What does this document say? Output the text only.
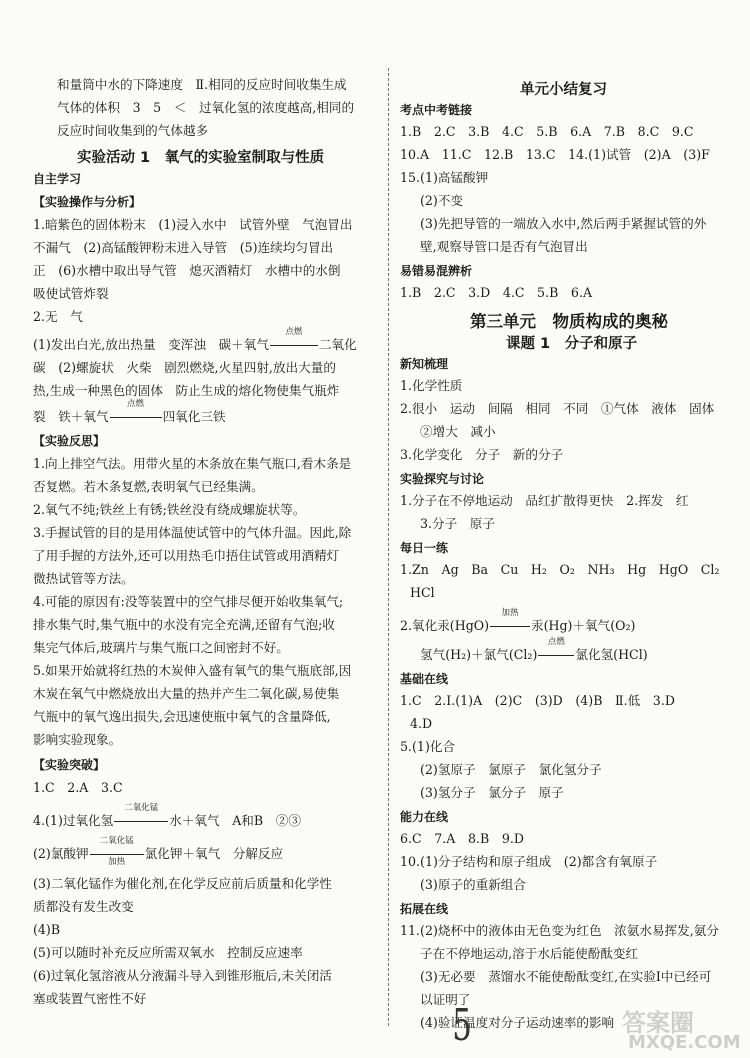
和量筒中水的下降速度　Ⅱ.相同的反应时间收集生成
气体的体积　3　5　＜　过氧化氢的浓度越高,相同的
反应时间收集到的气体越多
实验活动 1　氧气的实验室制取与性质
自主学习
【实验操作与分析】
1.暗紫色的固体粉末　(1)浸入水中　试管外壁　气泡冒出
不漏气　(2)高锰酸钾粉末进入导管　(5)连续均匀冒出
正　(6)水槽中取出导气管　熄灭酒精灯　水槽中的水倒
吸使试管炸裂
2.无　气
(1)发出白光,放出热量　变浑浊　碳＋氧气
点燃
二氧化
碳　(2)螺旋状　火柴　剧烈燃烧,火星四射,放出大量的
热,生成一种黑色的固体　防止生成的熔化物使集气瓶炸
裂　铁＋氧气
点燃
四氧化三铁
【实验反思】
1.向上排空气法。用带火星的木条放在集气瓶口,看木条是
否复燃。若木条复燃,表明氧气已经集满。
2.氧气不纯;铁丝上有锈;铁丝没有绕成螺旋状等。
3.手握试管的目的是用体温使试管中的气体升温。因此,除
了用手握的方法外,还可以用热毛巾捂住试管或用酒精灯
微热试管等方法。
4.可能的原因有:没等装置中的空气排尽便开始收集氧气;
排水集气时,集气瓶中的水没有完全充满,还留有气泡;收
集完气体后,玻璃片与集气瓶口之间密封不好。
5.如果开始就将红热的木炭伸入盛有氧气的集气瓶底部,因
木炭在氧气中燃烧放出大量的热并产生二氧化碳,易使集
气瓶中的氧气逸出损失,会迅速使瓶中氧气的含量降低,
影响实验现象。
【实验突破】
1.C　2.A　3.C
4.(1)过氧化氢
二氧化锰
水＋氧气　A和B　②③
(2)氯酸钾
二氧化锰
加热
氯化钾＋氧气　分解反应
(3)二氧化锰作为催化剂,在化学反应前后质量和化学性
质都没有发生改变
(4)B
(5)可以随时补充反应所需双氧水　控制反应速率
(6)过氧化氢溶液从分液漏斗导入到锥形瓶后,未关闭活
塞或装置气密性不好
单元小结复习
考点中考链接
1.B　2.C　3.B　4.C　5.B　6.A　7.B　8.C　9.C
10.A　11.C　12.B　13.C　14.(1)试管　(2)A　(3)F
15.(1)高锰酸钾
(2)不变
(3)先把导管的一端放入水中,然后两手紧握试管的外
壁,观察导管口是否有气泡冒出
易错易混辨析
1.B　2.C　3.D　4.C　5.B　6.A
第三单元　物质构成的奥秘
课题 1　分子和原子
新知梳理
1.化学性质
2.很小　运动　间隔　相同　不同　①气体　液体　固体
②增大　减小
3.化学变化　分子　新的分子
实验探究与讨论
1.分子在不停地运动　品红扩散得更快　2.挥发　红
3.分子　原子
每日一练
1.Zn　Ag　Ba　Cu　H₂　O₂　NH₃　Hg　HgO　Cl₂
HCl
2.氧化汞(HgO)
加热
汞(Hg)＋氧气(O₂)
氢气(H₂)＋氯气(Cl₂)
点燃
氯化氢(HCl)
基础在线
1.C　2.Ⅰ.(1)A　(2)C　(3)D　(4)B　Ⅱ.低　3.D
4.D
5.(1)化合
(2)氢原子　氯原子　氯化氢分子
(3)氢分子　氯分子　原子
能力在线
6.C　7.A　8.B　9.D
10.(1)分子结构和原子组成　(2)都含有氧原子
(3)原子的重新组合
拓展在线
11.(2)烧杯中的液体由无色变为红色　浓氨水易挥发,氨分
子在不停地运动,溶于水后能使酚酞变红
(3)无必要　蒸馏水不能使酚酞变红,在实验Ⅰ中已经可
以证明了
(4)验证温度对分子运动速率的影响
5	答案圈
MXQE.COM
